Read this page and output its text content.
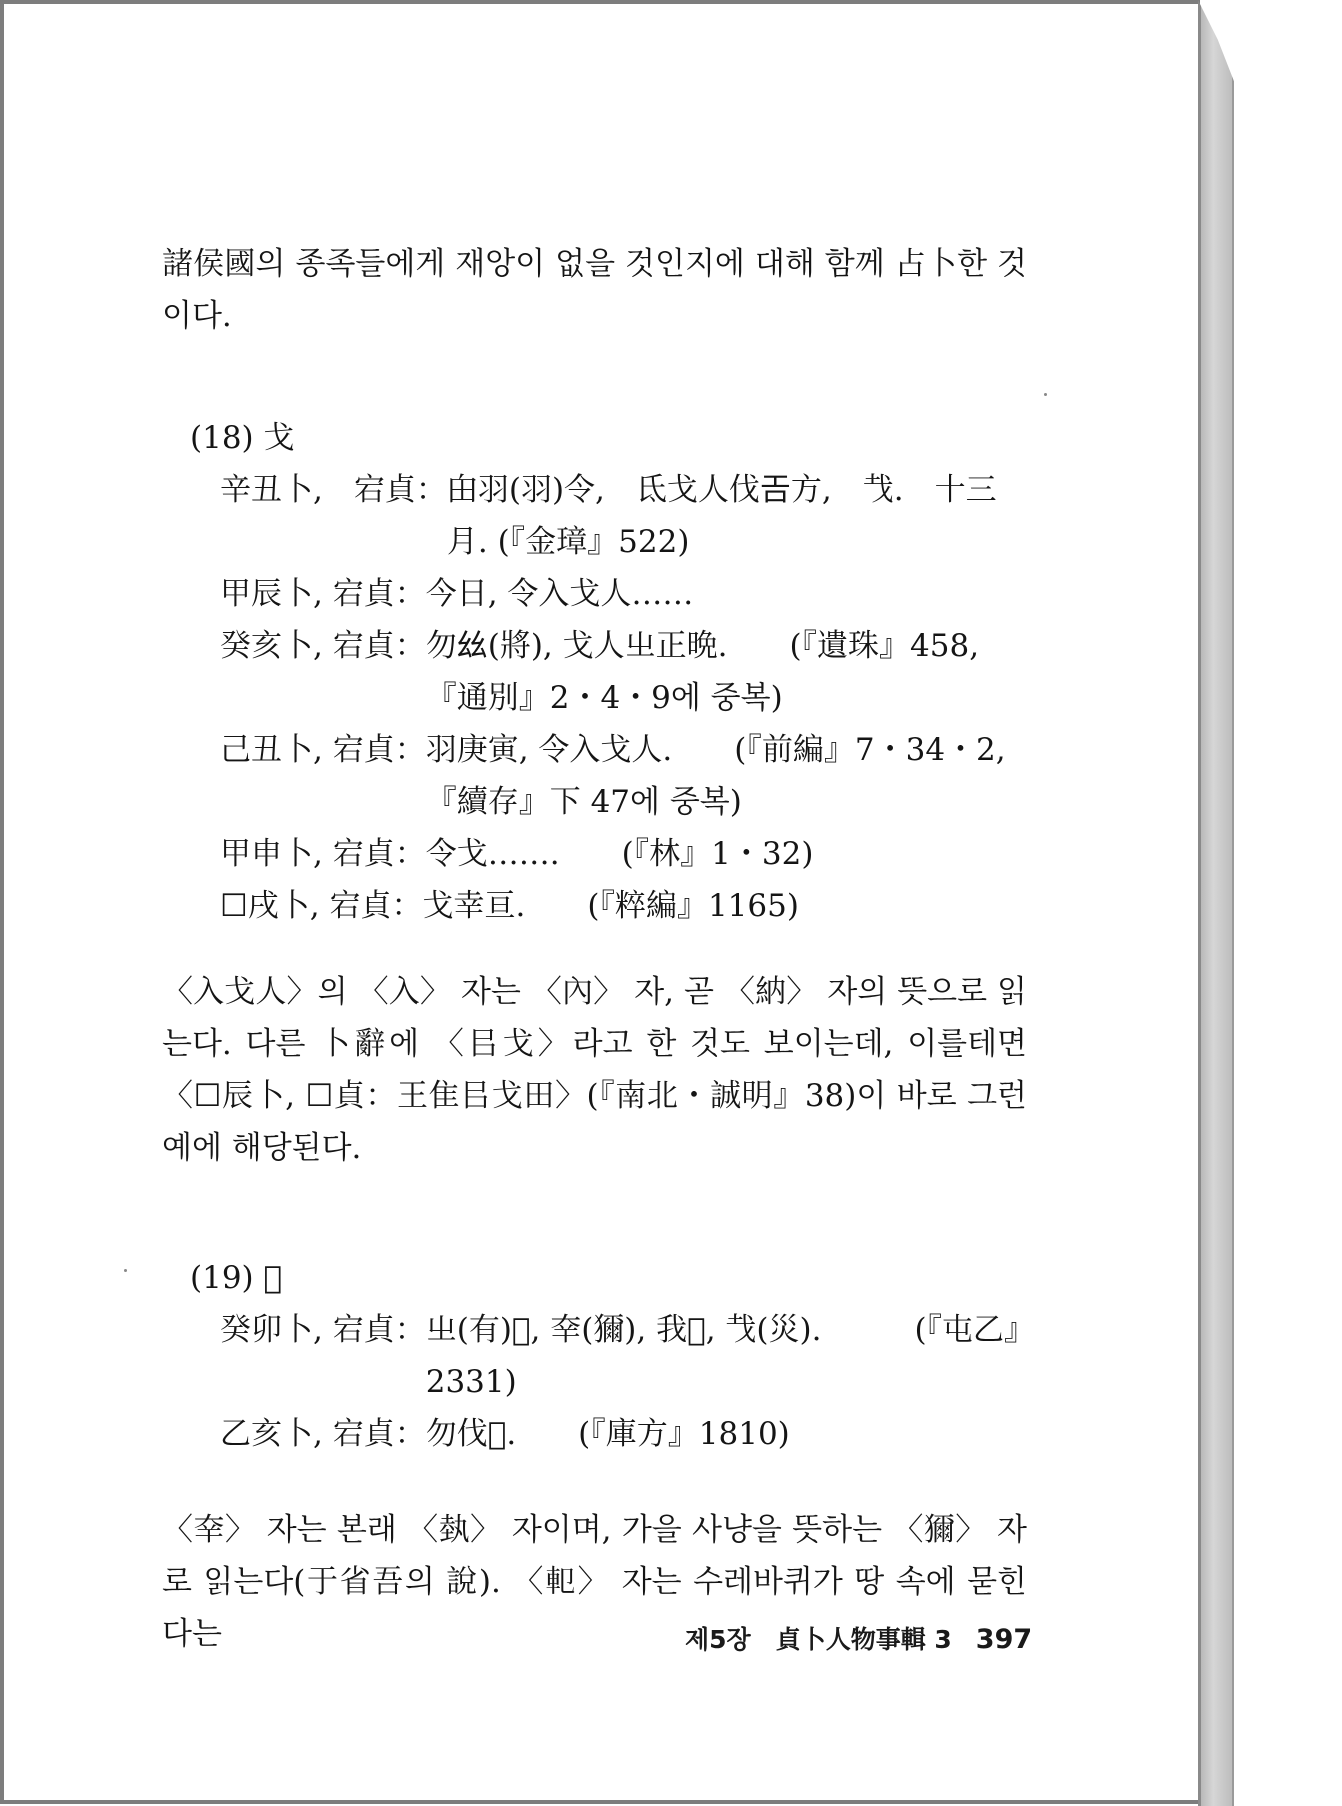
諸侯國의 종족들에게 재앙이 없을 것인지에 대해 함께 占卜한 것이다.

(18) 戈

辛丑卜,　宕貞： 甶羽(羽)令,　氐戈人伐𢀛方,　𢦏.　十三月. (『金璋』522)
甲辰卜, 宕貞： 今日, 令入戈人……
癸亥卜, 宕貞： 勿𢆶(將), 戈人㞢正晩.　　(『遺珠』458,『通別』2・4・9에 중복)
己丑卜, 宕貞： 羽庚寅, 令入戈人.　　(『前編』7・34・2,『續存』下 47에 중복)
甲申卜, 宕貞： 令戈…….　　(『林』1・32)
☐戌卜, 宕貞： 戈幸亘.　　(『粹編』1165)

〈入戈人〉의 〈入〉 자는 〈內〉 자, 곧 〈納〉 자의 뜻으로 읽는다. 다른 卜辭에 〈㠯戈〉라고 한 것도 보이는데, 이를테면 〈☐辰卜, ☐貞：王隹㠯戈田〉(『南北・誠明』38)이 바로 그런 예에 해당된다.

(19) 𤞷

癸卯卜, 宕貞： 㞢(有)𤞷, 㚔(獮), 我𨊠, 𢦏(災).　　　(『屯乙』2331)
乙亥卜, 宕貞： 勿伐𤞷.　　(『庫方』1810)

〈㚔〉 자는 본래 〈埶〉 자이며, 가을 사냥을 뜻하는 〈獮〉 자로 읽는다(于省吾의 說). 〈𨊠〉 자는 수레바퀴가 땅 속에 묻힌다는	제5장　貞卜人物事輯 3 397
